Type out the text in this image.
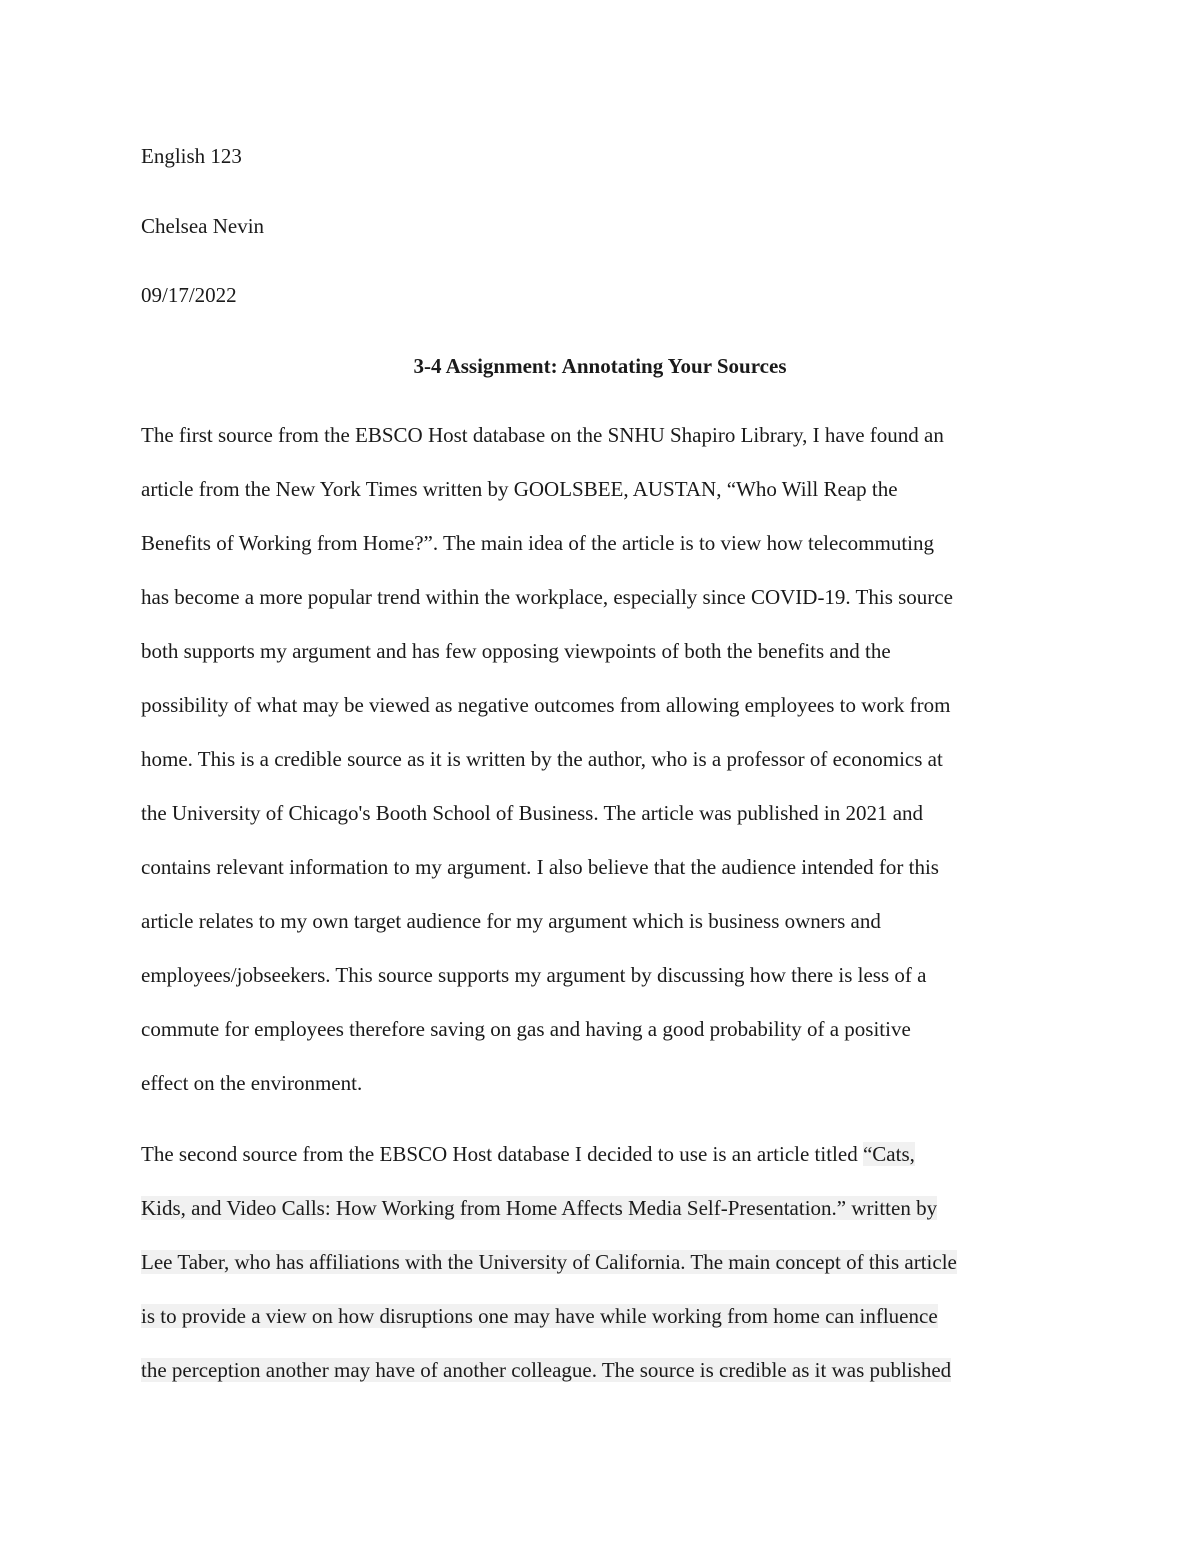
English 123
Chelsea Nevin
09/17/2022
3-4 Assignment: Annotating Your Sources
The first source from the EBSCO Host database on the SNHU Shapiro Library, I have found an
article from the New York Times written by GOOLSBEE, AUSTAN, “Who Will Reap the
Benefits of Working from Home?”. The main idea of the article is to view how telecommuting
has become a more popular trend within the workplace, especially since COVID-19. This source
both supports my argument and has few opposing viewpoints of both the benefits and the
possibility of what may be viewed as negative outcomes from allowing employees to work from
home. This is a credible source as it is written by the author, who is a professor of economics at
the University of Chicago's Booth School of Business. The article was published in 2021 and
contains relevant information to my argument. I also believe that the audience intended for this
article relates to my own target audience for my argument which is business owners and
employees/jobseekers. This source supports my argument by discussing how there is less of a
commute for employees therefore saving on gas and having a good probability of a positive
effect on the environment.
The second source from the EBSCO Host database I decided to use is an article titled “Cats,
Kids, and Video Calls: How Working from Home Affects Media Self-Presentation.” written by
Lee Taber, who has affiliations with the University of California. The main concept of this article
is to provide a view on how disruptions one may have while working from home can influence
the perception another may have of another colleague. The source is credible as it was published
